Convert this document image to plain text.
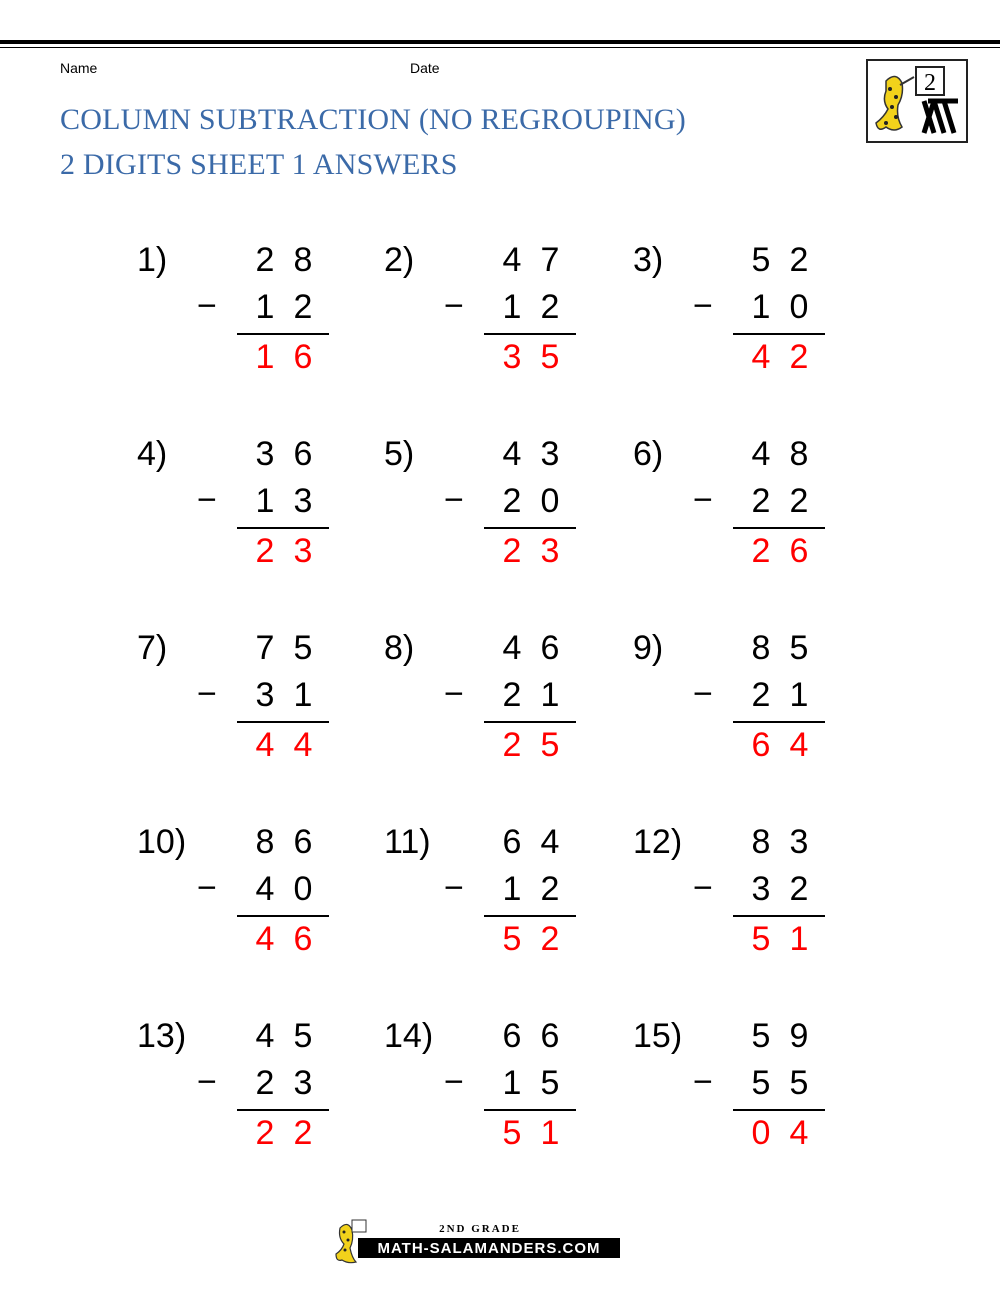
Name	Date
COLUMN SUBTRACTION (NO REGROUPING)
2 DIGITS SHEET 1 ANSWERS
2
1)	2 8
− 1 2
1 6
2)	4 7
− 1 2
3 5
3)	5 2
− 1 0
4 2
4)	3 6
− 1 3
2 3
5)	4 3
− 2 0
2 3
6)	4 8
− 2 2
2 6
7)	7 5
− 3 1
4 4
8)	4 6
− 2 1
2 5
9)	8 5
− 2 1
6 4
10) 8 6
− 4 0
4 6
11) 6 4
− 1 2
5 2
12) 8 3
− 3 2
5 1
13) 4 5
− 2 3
2 2
14) 6 6
− 1 5
5 1
15) 5 9
− 5 5
0 4
2ND GRADE
MATH-SALAMANDERS.COM
